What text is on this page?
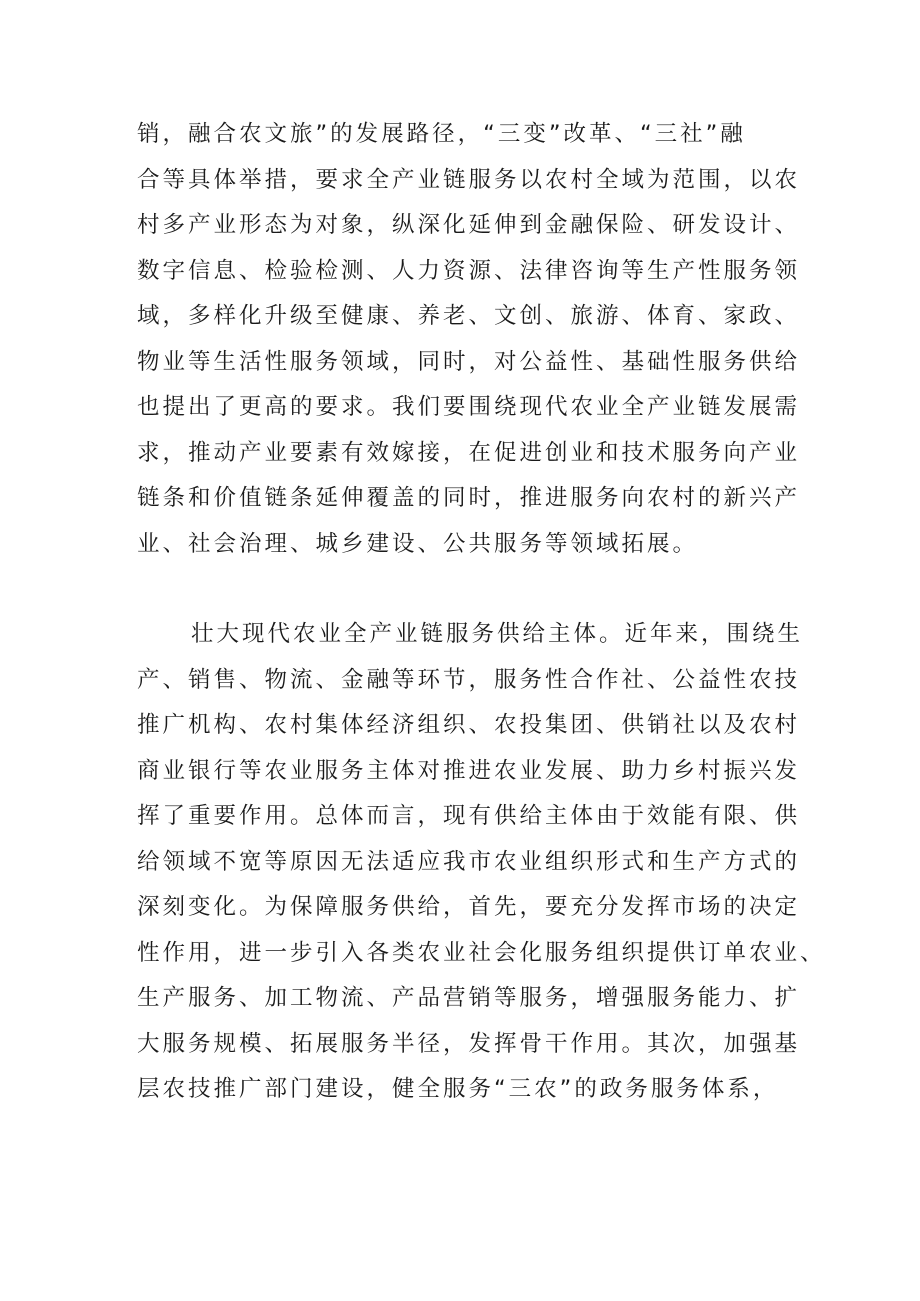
销，融合农文旅”的发展路径，“三变”改革、“三社”融
合等具体举措，要求全产业链服务以农村全域为范围，以农
村多产业形态为对象，纵深化延伸到金融保险、研发设计、
数字信息、检验检测、人力资源、法律咨询等生产性服务领
域，多样化升级至健康、养老、文创、旅游、体育、家政、
物业等生活性服务领域，同时，对公益性、基础性服务供给
也提出了更高的要求。我们要围绕现代农业全产业链发展需
求，推动产业要素有效嫁接，在促进创业和技术服务向产业
链条和价值链条延伸覆盖的同时，推进服务向农村的新兴产
业、社会治理、城乡建设、公共服务等领域拓展。
壮大现代农业全产业链服务供给主体。近年来，围绕生
产、销售、物流、金融等环节，服务性合作社、公益性农技
推广机构、农村集体经济组织、农投集团、供销社以及农村
商业银行等农业服务主体对推进农业发展、助力乡村振兴发
挥了重要作用。总体而言，现有供给主体由于效能有限、供
给领域不宽等原因无法适应我市农业组织形式和生产方式的
深刻变化。为保障服务供给，首先，要充分发挥市场的决定
性作用，进一步引入各类农业社会化服务组织提供订单农业、
生产服务、加工物流、产品营销等服务，增强服务能力、扩
大服务规模、拓展服务半径，发挥骨干作用。其次，加强基
层农技推广部门建设，健全服务“三农”的政务服务体系，
